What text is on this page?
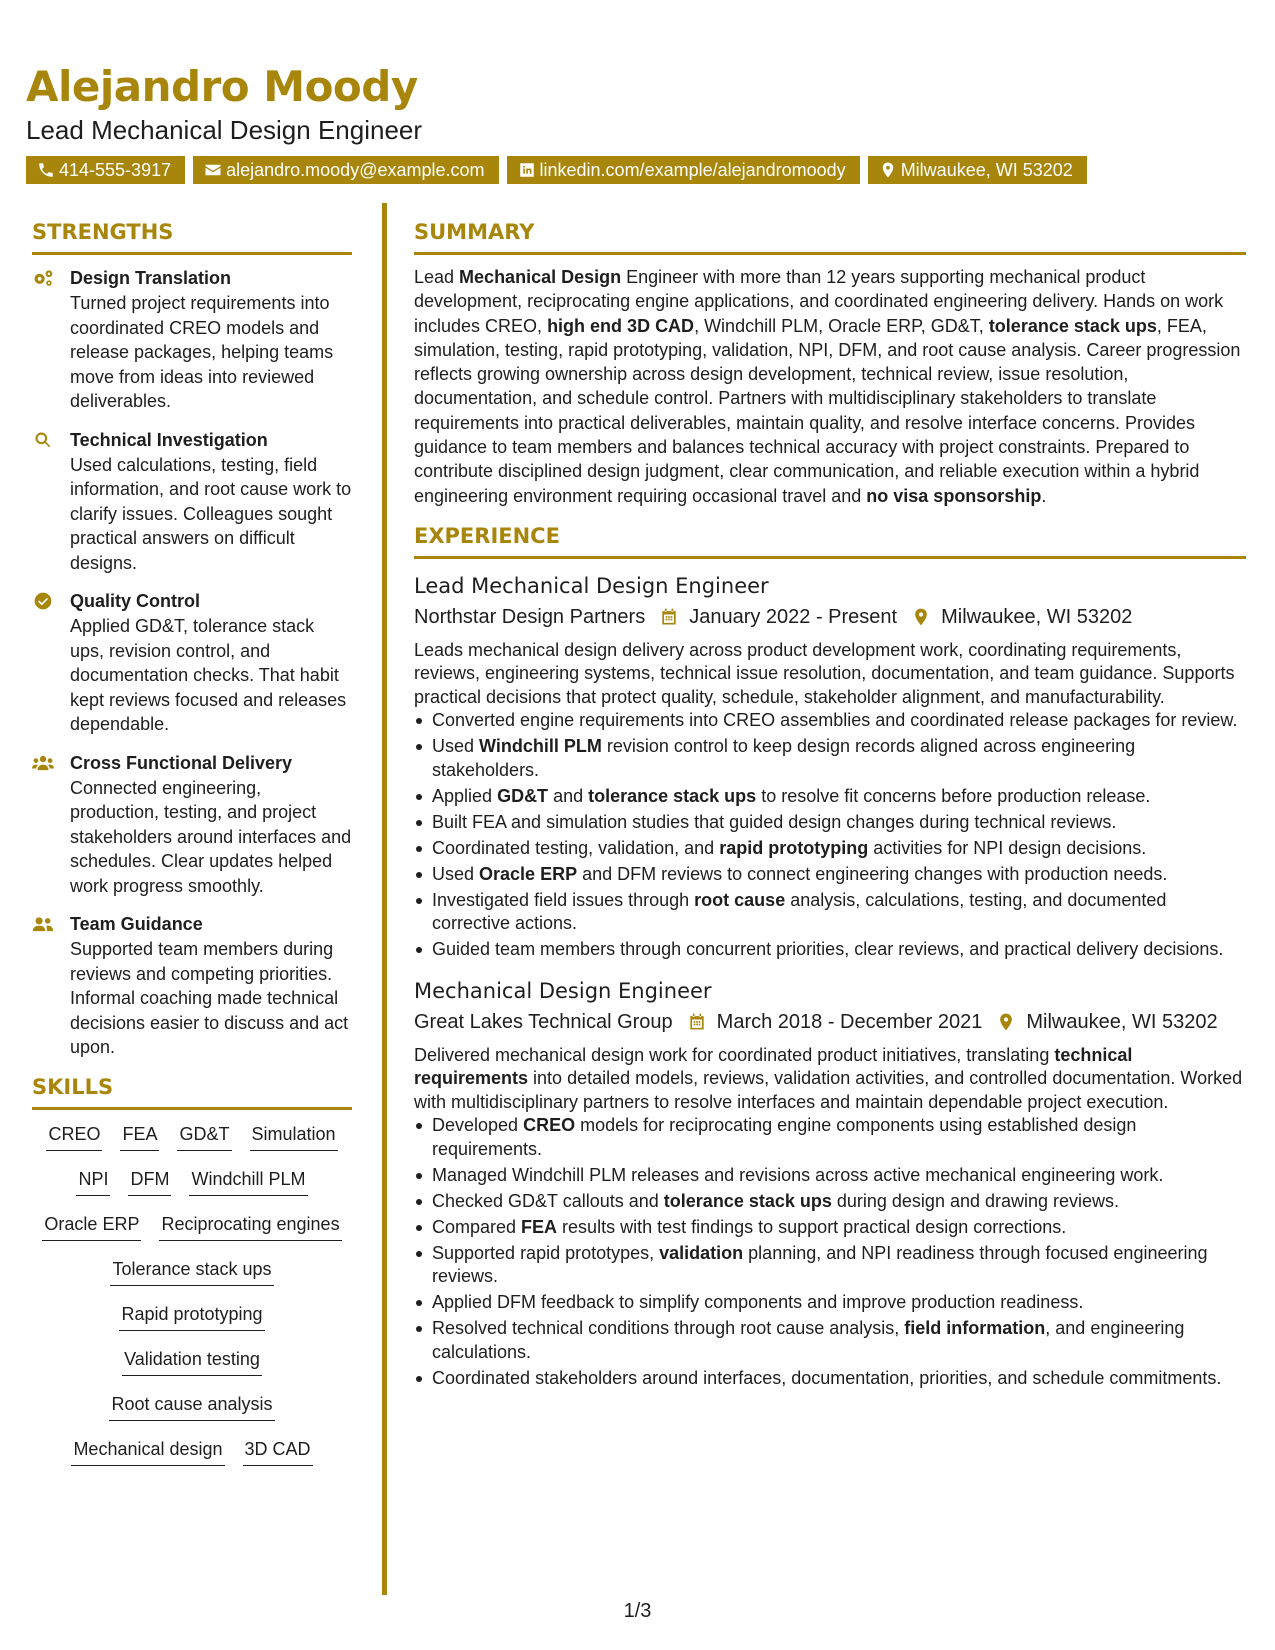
Alejandro Moody
Lead Mechanical Design Engineer
414-555-3917	alejandro.moody@example.com	linkedin.com/example/alejandromoody	Milwaukee, WI 53202
STRENGTHS
Design Translation
Turned project requirements into coordinated CREO models and release packages, helping teams move from ideas into reviewed deliverables.
Technical Investigation
Used calculations, testing, field information, and root cause work to clarify issues. Colleagues sought practical answers on difficult designs.
Quality Control
Applied GD&T, tolerance stack ups, revision control, and documentation checks. That habit kept reviews focused and releases dependable.
Cross Functional Delivery
Connected engineering, production, testing, and project stakeholders around interfaces and schedules. Clear updates helped work progress smoothly.
Team Guidance
Supported team members during reviews and competing priorities. Informal coaching made technical decisions easier to discuss and act upon.
SKILLS
CREO FEA GD&T Simulation
NPI DFM Windchill PLM
Oracle ERP Reciprocating engines
Tolerance stack ups
Rapid prototyping
Validation testing
Root cause analysis
Mechanical design 3D CAD
SUMMARY
Lead Mechanical Design Engineer with more than 12 years supporting mechanical product development, reciprocating engine applications, and coordinated engineering delivery. Hands on work includes CREO, high end 3D CAD, Windchill PLM, Oracle ERP, GD&T, tolerance stack ups, FEA, simulation, testing, rapid prototyping, validation, NPI, DFM, and root cause analysis. Career progression reflects growing ownership across design development, technical review, issue resolution, documentation, and schedule control. Partners with multidisciplinary stakeholders to translate requirements into practical deliverables, maintain quality, and resolve interface concerns. Provides guidance to team members and balances technical accuracy with project constraints. Prepared to contribute disciplined design judgment, clear communication, and reliable execution within a hybrid engineering environment requiring occasional travel and no visa sponsorship.
EXPERIENCE
Lead Mechanical Design Engineer
Northstar Design Partners January 2022 - Present Milwaukee, WI 53202
Leads mechanical design delivery across product development work, coordinating requirements, reviews, engineering systems, technical issue resolution, documentation, and team guidance. Supports practical decisions that protect quality, schedule, stakeholder alignment, and manufacturability.
Converted engine requirements into CREO assemblies and coordinated release packages for review.
Used Windchill PLM revision control to keep design records aligned across engineering stakeholders.
Applied GD&T and tolerance stack ups to resolve fit concerns before production release.
Built FEA and simulation studies that guided design changes during technical reviews.
Coordinated testing, validation, and rapid prototyping activities for NPI design decisions.
Used Oracle ERP and DFM reviews to connect engineering changes with production needs.
Investigated field issues through root cause analysis, calculations, testing, and documented corrective actions.
Guided team members through concurrent priorities, clear reviews, and practical delivery decisions.
Mechanical Design Engineer
Great Lakes Technical Group March 2018 - December 2021 Milwaukee, WI 53202
Delivered mechanical design work for coordinated product initiatives, translating technical requirements into detailed models, reviews, validation activities, and controlled documentation. Worked with multidisciplinary partners to resolve interfaces and maintain dependable project execution.
Developed CREO models for reciprocating engine components using established design requirements.
Managed Windchill PLM releases and revisions across active mechanical engineering work.
Checked GD&T callouts and tolerance stack ups during design and drawing reviews.
Compared FEA results with test findings to support practical design corrections.
Supported rapid prototypes, validation planning, and NPI readiness through focused engineering reviews.
Applied DFM feedback to simplify components and improve production readiness.
Resolved technical conditions through root cause analysis, field information, and engineering calculations.
Coordinated stakeholders around interfaces, documentation, priorities, and schedule commitments.
1/3
